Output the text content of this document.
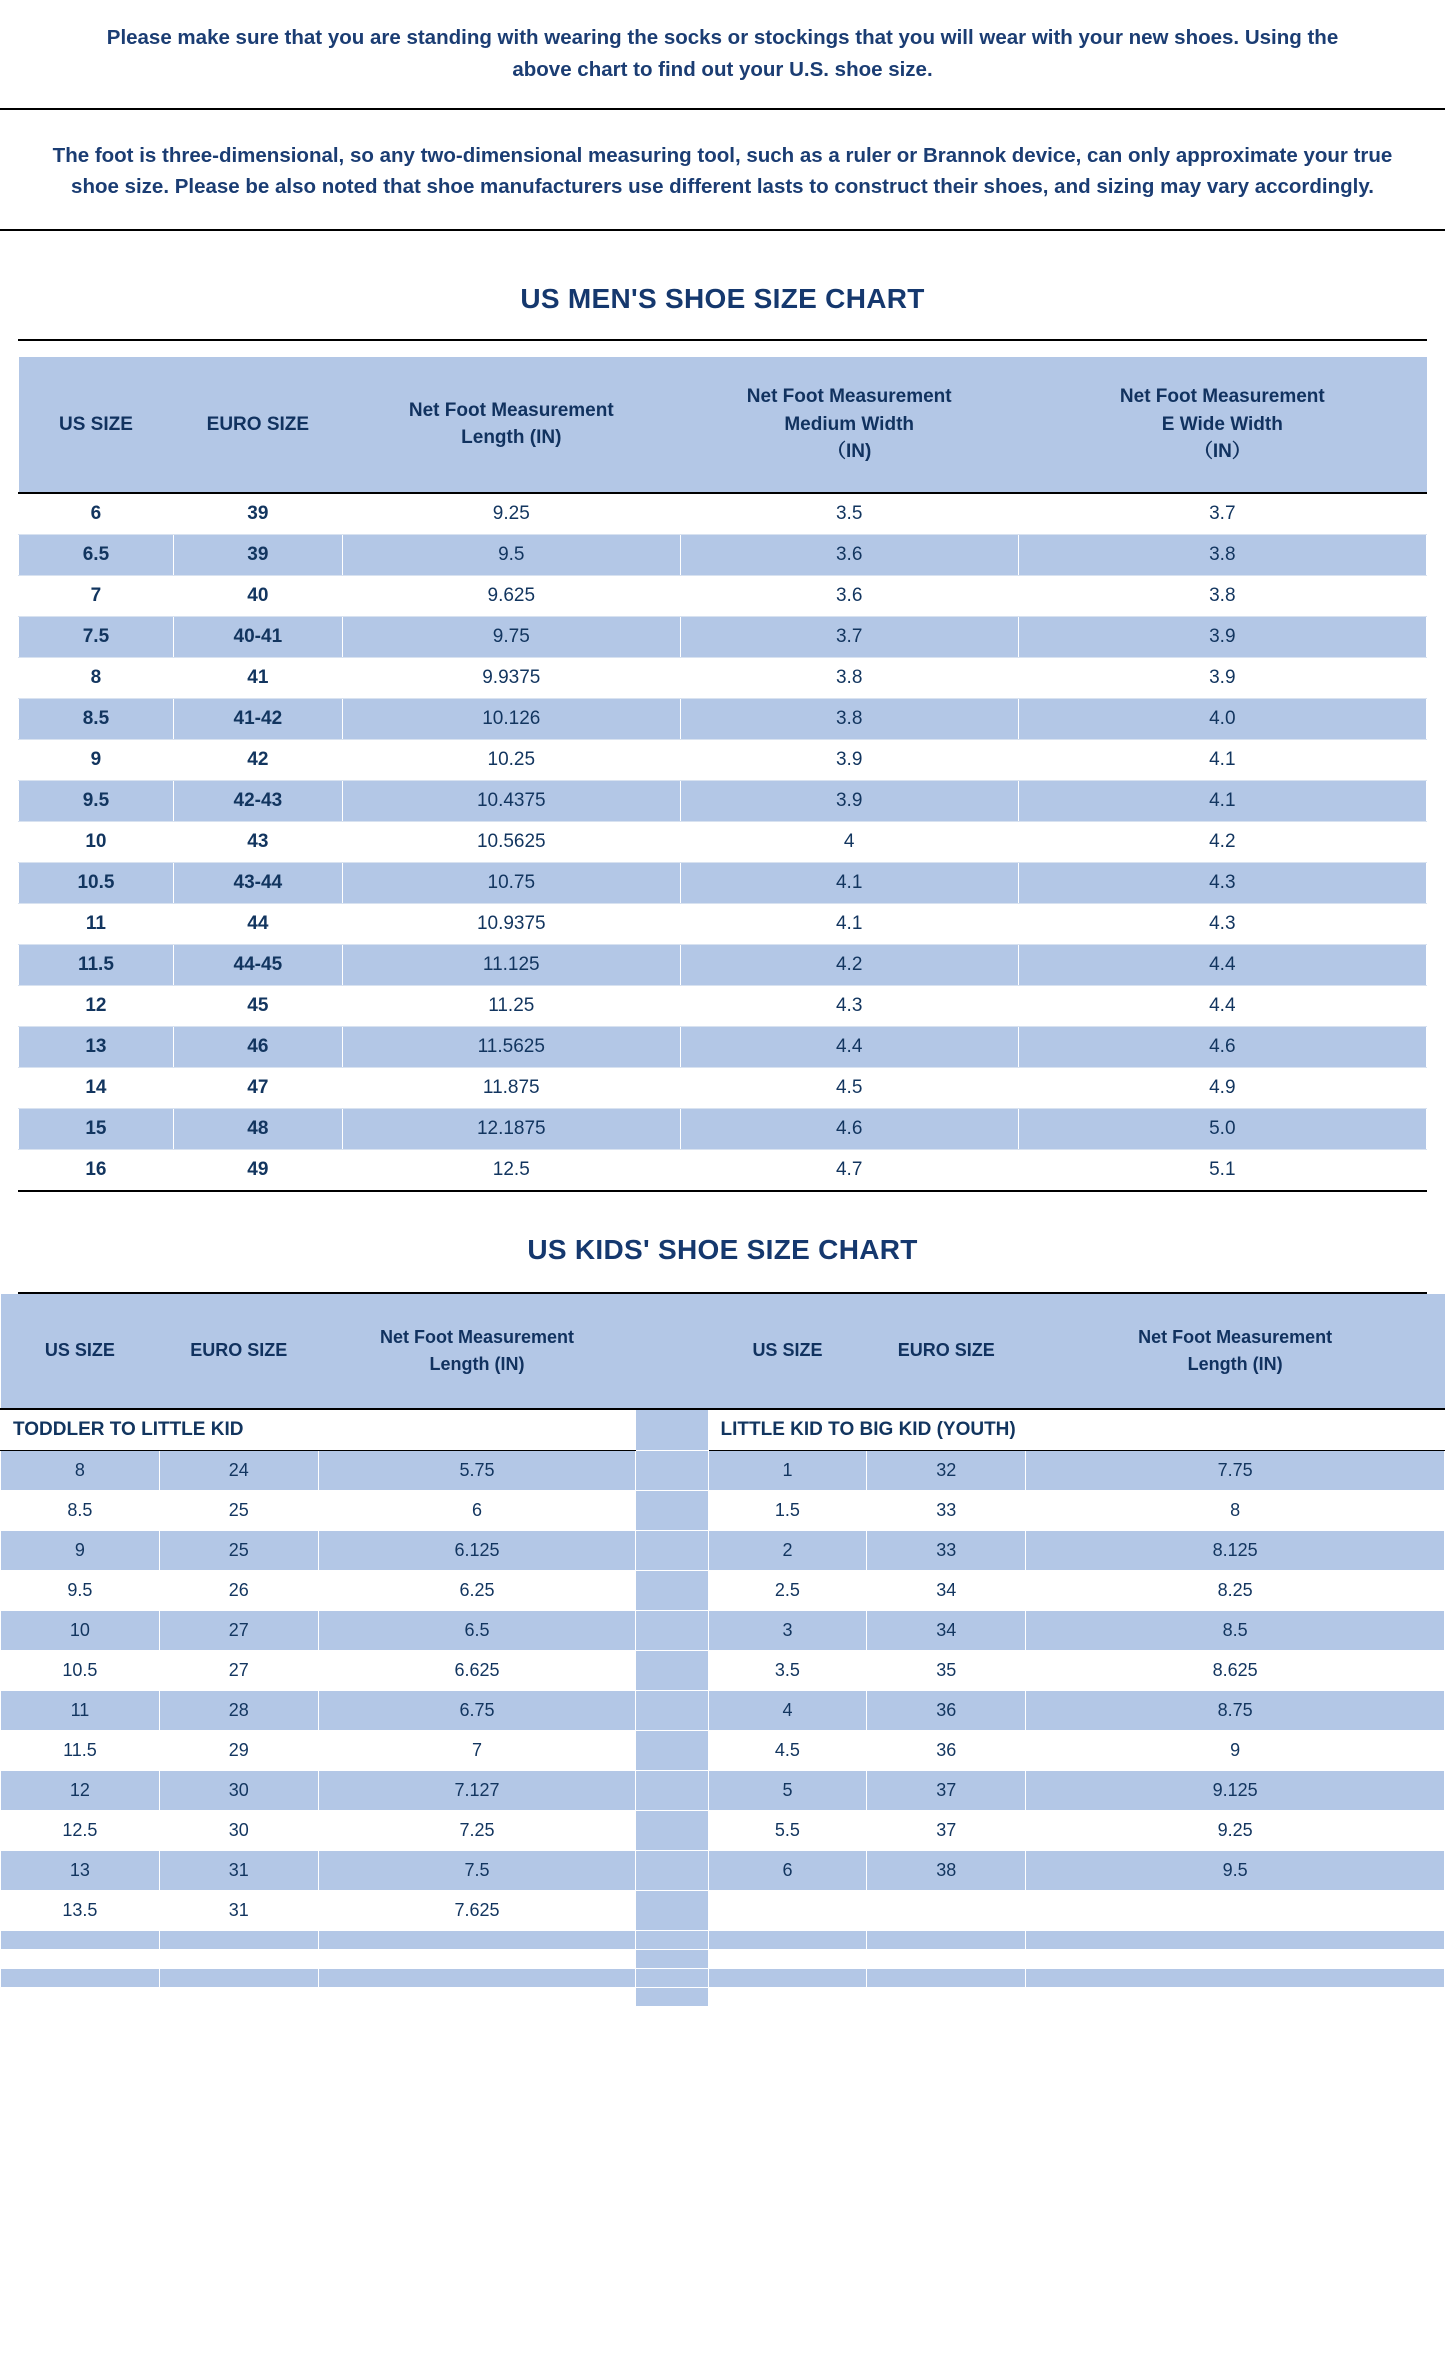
Please make sure that you are standing with wearing the socks or stockings that you will wear with your new shoes. Using the above chart to find out your U.S. shoe size.
The foot is three-dimensional, so any two-dimensional measuring tool, such as a ruler or Brannok device, can only approximate your true shoe size. Please be also noted that shoe manufacturers use different lasts to construct their shoes, and sizing may vary accordingly.
US MEN'S SHOE SIZE CHART
US SIZE	EURO SIZE

Net Foot Measurement
Length (IN)

Net Foot Measurement
Medium Width
（IN)

Net Foot Measurement
E Wide Width
（IN）

6	39	9.25	3.5	3.7
6.5	39	9.5	3.6	3.8
7	40	9.625	3.6	3.8
7.5	40-41	9.75	3.7	3.9
8	41	9.9375	3.8	3.9
8.5	41-42	10.126	3.8	4.0
9	42	10.25	3.9	4.1
9.5	42-43	10.4375	3.9	4.1
10	43	10.5625	4	4.2
10.5	43-44	10.75	4.1	4.3
11	44	10.9375	4.1	4.3
11.5	44-45	11.125	4.2	4.4
12	45	11.25	4.3	4.4
13	46	11.5625	4.4	4.6
14	47	11.875	4.5	4.9
15	48	12.1875	4.6	5.0
16	49	12.5	4.7	5.1
US KIDS' SHOE SIZE CHART
US SIZE	EURO SIZE

Net Foot Measurement
Length (IN)

US SIZE	EURO SIZE

Net Foot Measurement
Length (IN)

TODDLER TO LITTLE KID				LITTLE KID TO BIG KID (YOUTH)		
8	24	5.75		1	32	7.75
8.5	25	6		1.5	33	8
9	25	6.125		2	33	8.125
9.5	26	6.25		2.5	34	8.25
10	27	6.5		3	34	8.5
10.5	27	6.625		3.5	35	8.625
11	28	6.75		4	36	8.75
11.5	29	7		4.5	36	9
12	30	7.127		5	37	9.125
12.5	30	7.25		5.5	37	9.25
13	31	7.5		6	38	9.5
13.5	31	7.625				
